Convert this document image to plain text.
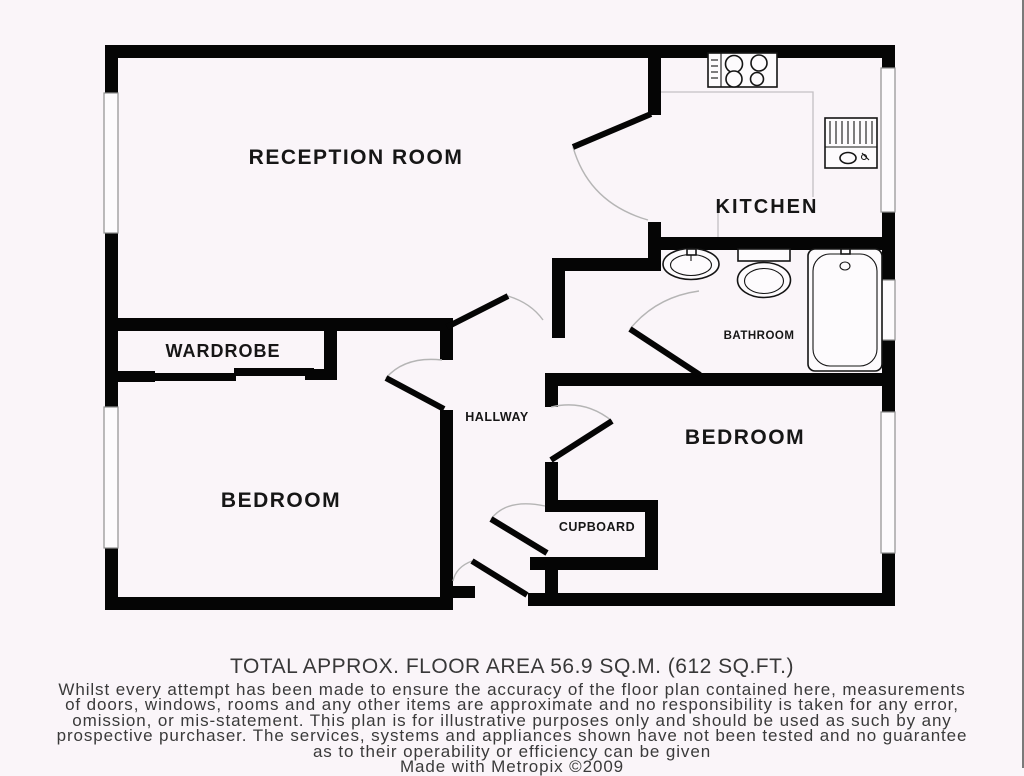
RECEPTION ROOM
KITCHEN
BATHROOM
HALLWAY
WARDROBE
BEDROOM
BEDROOM
CUPBOARD

TOTAL APPROX. FLOOR AREA 56.9 SQ.M. (612 SQ.FT.)

Whilst every attempt has been made to ensure the accuracy of the floor plan contained here, measurements
of doors, windows, rooms and any other items are approximate and no responsibility is taken for any error,
omission, or mis-statement. This plan is for illustrative purposes only and should be used as such by any
prospective purchaser. The services, systems and appliances shown have not been tested and no guarantee
as to their operability or efficiency can be given
Made with Metropix ©2009
